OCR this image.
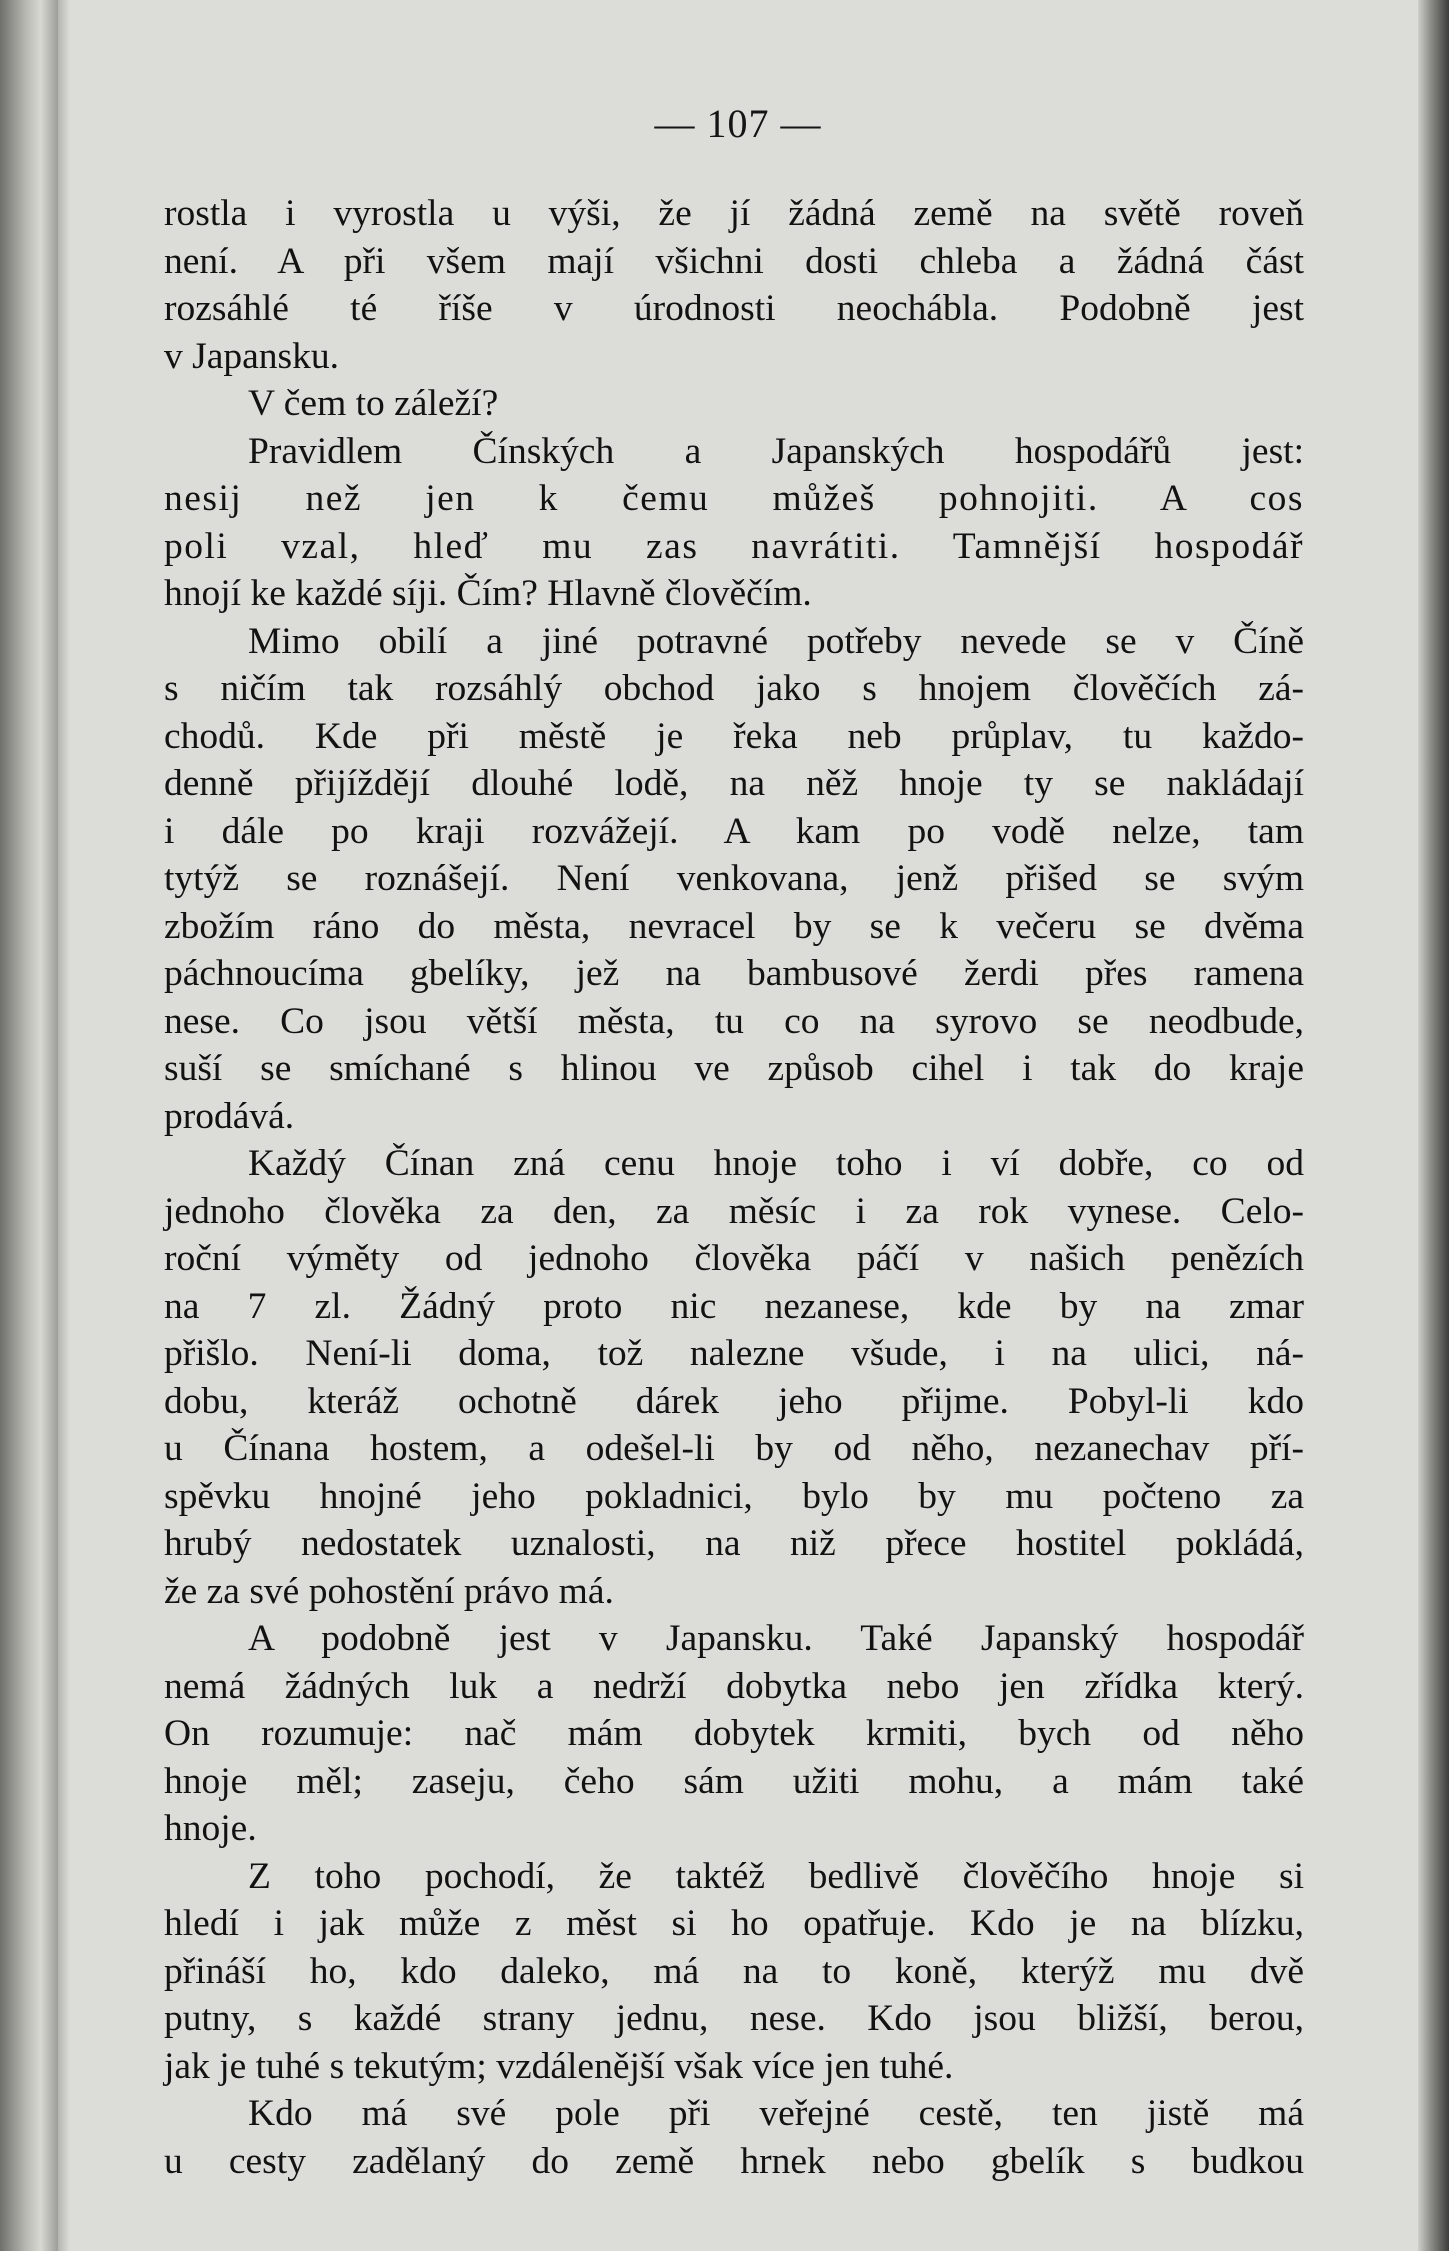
— 107 —
rostla i vyrostla u výši, že jí žádná země na světě roveň
není. A při všem mají všichni dosti chleba a žádná část
rozsáhlé té říše v úrodnosti neochábla. Podobně jest
v Japansku.
V čem to záleží?
Pravidlem Čínských a Japanských hospodářů jest:
nesij než jen k čemu můžeš pohnojiti. A cos
poli vzal, hleď mu zas navrátiti. Tamnější hospodář
hnojí ke každé síji. Čím? Hlavně člověčím.
Mimo obilí a jiné potravné potřeby nevede se v Číně
s ničím tak rozsáhlý obchod jako s hnojem člověčích zá-
chodů. Kde při městě je řeka neb průplav, tu každo-
denně přijíždějí dlouhé lodě, na něž hnoje ty se nakládají
i dále po kraji rozvážejí. A kam po vodě nelze, tam
tytýž se roznášejí. Není venkovana, jenž přišed se svým
zbožím ráno do města, nevracel by se k večeru se dvěma
páchnoucíma gbelíky, jež na bambusové žerdi přes ramena
nese. Co jsou větší města, tu co na syrovo se neodbude,
suší se smíchané s hlinou ve způsob cihel i tak do kraje
prodává.
Každý Čínan zná cenu hnoje toho i ví dobře, co od
jednoho člověka za den, za měsíc i za rok vynese. Celo-
roční výměty od jednoho člověka páčí v našich penězích
na 7 zl. Žádný proto nic nezanese, kde by na zmar
přišlo. Není-li doma, tož nalezne všude, i na ulici, ná-
dobu, kteráž ochotně dárek jeho přijme. Pobyl-li kdo
u Čínana hostem, a odešel-li by od něho, nezanechav pří-
spěvku hnojné jeho pokladnici, bylo by mu počteno za
hrubý nedostatek uznalosti, na niž přece hostitel pokládá,
že za své pohostění právo má.
A podobně jest v Japansku. Také Japanský hospodář
nemá žádných luk a nedrží dobytka nebo jen zřídka který.
On rozumuje: nač mám dobytek krmiti, bych od něho
hnoje měl; zaseju, čeho sám užiti mohu, a mám také
hnoje.
Z toho pochodí, že taktéž bedlivě člověčího hnoje si
hledí i jak může z měst si ho opatřuje. Kdo je na blízku,
přináší ho, kdo daleko, má na to koně, kterýž mu dvě
putny, s každé strany jednu, nese. Kdo jsou bližší, berou,
jak je tuhé s tekutým; vzdálenější však více jen tuhé.
Kdo má své pole při veřejné cestě, ten jistě má
u cesty zadělaný do země hrnek nebo gbelík s budkou
